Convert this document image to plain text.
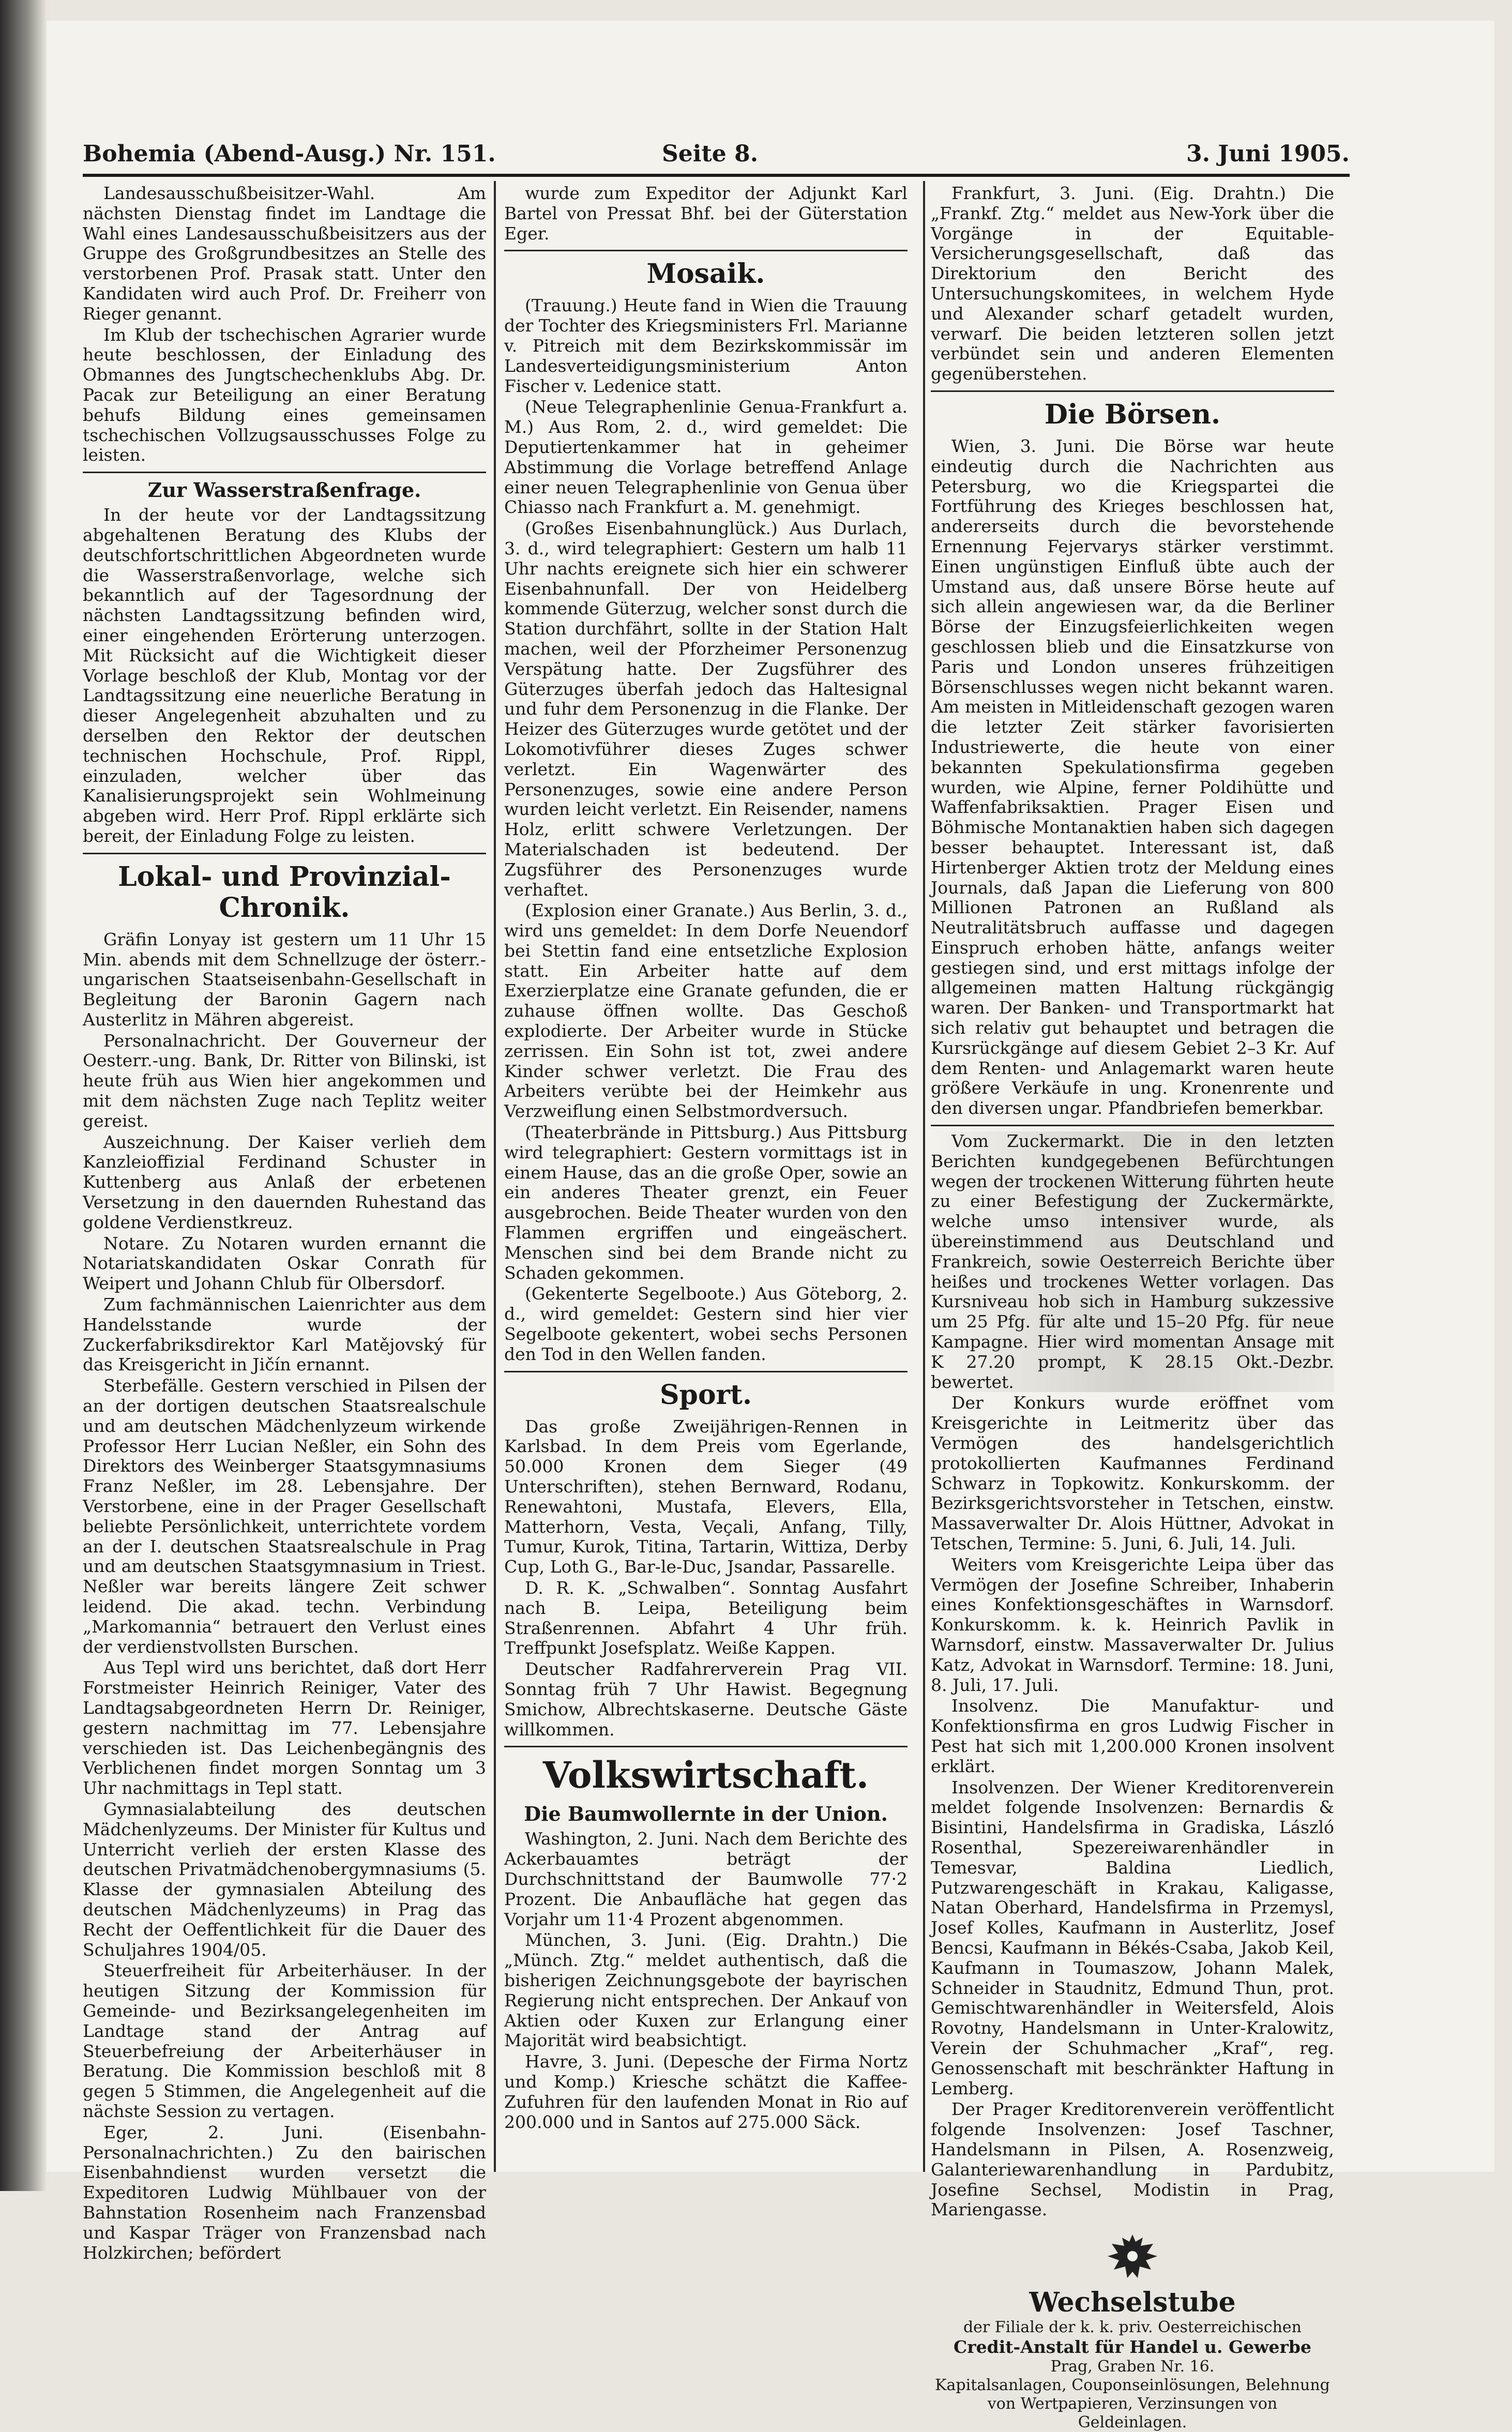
Bohemia (Abend-Ausg.) Nr. 151.	Seite 8.	3. Juni 1905.

Landesausschußbeisitzer-Wahl. Am nächsten Dienstag findet im Landtage die Wahl eines Landesausschußbeisitzers aus der Gruppe des Großgrundbesitzes an Stelle des verstorbenen Prof. Prasak statt. Unter den Kandidaten wird auch Prof. Dr. Freiherr von Rieger genannt.

Im Klub der tschechischen Agrarier wurde heute beschlossen, der Einladung des Obmannes des Jungtschechenklubs Abg. Dr. Pacak zur Beteiligung an einer Beratung behufs Bildung eines gemeinsamen tschechischen Vollzugsausschusses Folge zu leisten.

Zur Wasserstraßenfrage.

In der heute vor der Landtagssitzung abgehaltenen Beratung des Klubs der deutschfortschrittlichen Abgeordneten wurde die Wasserstraßenvorlage, welche sich bekanntlich auf der Tagesordnung der nächsten Landtagssitzung befinden wird, einer eingehenden Erörterung unterzogen. Mit Rücksicht auf die Wichtigkeit dieser Vorlage beschloß der Klub, Montag vor der Landtagssitzung eine neuerliche Beratung in dieser Angelegenheit abzuhalten und zu derselben den Rektor der deutschen technischen Hochschule, Prof. Rippl, einzuladen, welcher über das Kanalisierungsprojekt sein Wohlmeinung abgeben wird. Herr Prof. Rippl erklärte sich bereit, der Einladung Folge zu leisten.

Lokal- und Provinzial-Chronik.

Gräfin Lonyay ist gestern um 11 Uhr 15 Min. abends mit dem Schnellzuge der österr.-ungarischen Staatseisenbahn-Gesellschaft in Begleitung der Baronin Gagern nach Austerlitz in Mähren abgereist.

Personalnachricht. Der Gouverneur der Oesterr.-ung. Bank, Dr. Ritter von Bilinski, ist heute früh aus Wien hier angekommen und mit dem nächsten Zuge nach Teplitz weiter gereist.

Auszeichnung. Der Kaiser verlieh dem Kanzleioffizial Ferdinand Schuster in Kuttenberg aus Anlaß der erbetenen Versetzung in den dauernden Ruhestand das goldene Verdienstkreuz.

Notare. Zu Notaren wurden ernannt die Notariatskandidaten Oskar Conrath für Weipert und Johann Chlub für Olbersdorf.

Zum fachmännischen Laienrichter aus dem Handelsstande wurde der Zuckerfabriksdirektor Karl Matějovský für das Kreisgericht in Jičín ernannt.

Sterbefälle. Gestern verschied in Pilsen der an der dortigen deutschen Staatsrealschule und am deutschen Mädchenlyzeum wirkende Professor Herr Lucian Neßler, ein Sohn des Direktors des Weinberger Staatsgymnasiums Franz Neßler, im 28. Lebensjahre. Der Verstorbene, eine in der Prager Gesellschaft beliebte Persönlichkeit, unterrichtete vordem an der I. deutschen Staatsrealschule in Prag und am deutschen Staatsgymnasium in Triest. Neßler war bereits längere Zeit schwer leidend. Die akad. techn. Verbindung „Markomannia“ betrauert den Verlust eines der verdienstvollsten Burschen.

Aus Tepl wird uns berichtet, daß dort Herr Forstmeister Heinrich Reiniger, Vater des Landtagsabgeordneten Herrn Dr. Reiniger, gestern nachmittag im 77. Lebensjahre verschieden ist. Das Leichenbegängnis des Verblichenen findet morgen Sonntag um 3 Uhr nachmittags in Tepl statt.

Gymnasialabteilung des deutschen Mädchenlyzeums. Der Minister für Kultus und Unterricht verlieh der ersten Klasse des deutschen Privatmädchenobergymnasiums (5. Klasse der gymnasialen Abteilung des deutschen Mädchenlyzeums) in Prag das Recht der Oeffentlichkeit für die Dauer des Schuljahres 1904/05.

Steuerfreiheit für Arbeiterhäuser. In der heutigen Sitzung der Kommission für Gemeinde- und Bezirksangelegenheiten im Landtage stand der Antrag auf Steuerbefreiung der Arbeiterhäuser in Beratung. Die Kommission beschloß mit 8 gegen 5 Stimmen, die Angelegenheit auf die nächste Session zu vertagen.

Eger, 2. Juni. (Eisenbahn-Personalnachrichten.) Zu den bairischen Eisenbahndienst wurden versetzt die Expeditoren Ludwig Mühlbauer von der Bahnstation Rosenheim nach Franzensbad und Kaspar Träger von Franzensbad nach Holzkirchen; befördert

wurde zum Expeditor der Adjunkt Karl Bartel von Pressat Bhf. bei der Güterstation Eger.

Mosaik.

(Trauung.) Heute fand in Wien die Trauung der Tochter des Kriegsministers Frl. Marianne v. Pitreich mit dem Bezirkskommissär im Landesverteidigungsministerium Anton Fischer v. Ledenice statt.

(Neue Telegraphenlinie Genua-Frankfurt a. M.) Aus Rom, 2. d., wird gemeldet: Die Deputiertenkammer hat in geheimer Abstimmung die Vorlage betreffend Anlage einer neuen Telegraphenlinie von Genua über Chiasso nach Frankfurt a. M. genehmigt.

(Großes Eisenbahnunglück.) Aus Durlach, 3. d., wird telegraphiert: Gestern um halb 11 Uhr nachts ereignete sich hier ein schwerer Eisenbahnunfall. Der von Heidelberg kommende Güterzug, welcher sonst durch die Station durchfährt, sollte in der Station Halt machen, weil der Pforzheimer Personenzug Verspätung hatte. Der Zugsführer des Güterzuges überfah jedoch das Haltesignal und fuhr dem Personenzug in die Flanke. Der Heizer des Güterzuges wurde getötet und der Lokomotivführer dieses Zuges schwer verletzt. Ein Wagenwärter des Personenzuges, sowie eine andere Person wurden leicht verletzt. Ein Reisender, namens Holz, erlitt schwere Verletzungen. Der Materialschaden ist bedeutend. Der Zugsführer des Personenzuges wurde verhaftet.

(Explosion einer Granate.) Aus Berlin, 3. d., wird uns gemeldet: In dem Dorfe Neuendorf bei Stettin fand eine entsetzliche Explosion statt. Ein Arbeiter hatte auf dem Exerzierplatze eine Granate gefunden, die er zuhause öffnen wollte. Das Geschoß explodierte. Der Arbeiter wurde in Stücke zerrissen. Ein Sohn ist tot, zwei andere Kinder schwer verletzt. Die Frau des Arbeiters verübte bei der Heimkehr aus Verzweiflung einen Selbstmordversuch.

(Theaterbrände in Pittsburg.) Aus Pittsburg wird telegraphiert: Gestern vormittags ist in einem Hause, das an die große Oper, sowie an ein anderes Theater grenzt, ein Feuer ausgebrochen. Beide Theater wurden von den Flammen ergriffen und eingeäschert. Menschen sind bei dem Brande nicht zu Schaden gekommen.

(Gekenterte Segelboote.) Aus Göteborg, 2. d., wird gemeldet: Gestern sind hier vier Segelboote gekentert, wobei sechs Personen den Tod in den Wellen fanden.

Sport.

Das große Zweijährigen-Rennen in Karlsbad. In dem Preis vom Egerlande, 50.000 Kronen dem Sieger (49 Unterschriften), stehen Bernward, Rodanu, Renewahtoni, Mustafa, Elevers, Ella, Matterhorn, Vesta, Veçali, Anfang, Tilly, Tumur, Kurok, Titina, Tartarin, Wittiza, Derby Cup, Loth G., Bar-le-Duc, Jsandar, Passarelle.

D. R. K. „Schwalben“. Sonntag Ausfahrt nach B. Leipa, Beteiligung beim Straßenrennen. Abfahrt 4 Uhr früh. Treffpunkt Josefsplatz. Weiße Kappen.

Deutscher Radfahrerverein Prag VII. Sonntag früh 7 Uhr Hawist. Begegnung Smichow, Albrechtskaserne. Deutsche Gäste willkommen.

Volkswirtschaft.
Die Baumwollernte in der Union.

Washington, 2. Juni. Nach dem Berichte des Ackerbauamtes beträgt der Durchschnittstand der Baumwolle 77·2 Prozent. Die Anbaufläche hat gegen das Vorjahr um 11·4 Prozent abgenommen.

München, 3. Juni. (Eig. Drahtn.) Die „Münch. Ztg.“ meldet authentisch, daß die bisherigen Zeichnungsgebote der bayrischen Regierung nicht entsprechen. Der Ankauf von Aktien oder Kuxen zur Erlangung einer Majorität wird beabsichtigt.

Havre, 3. Juni. (Depesche der Firma Nortz und Komp.) Kriesche schätzt die Kaffee-Zufuhren für den laufenden Monat in Rio auf 200.000 und in Santos auf 275.000 Säck.

Frankfurt, 3. Juni. (Eig. Drahtn.) Die „Frankf. Ztg.“ meldet aus New-York über die Vorgänge in der Equitable-Versicherungsgesellschaft, daß das Direktorium den Bericht des Untersuchungskomitees, in welchem Hyde und Alexander scharf getadelt wurden, verwarf. Die beiden letzteren sollen jetzt verbündet sein und anderen Elementen gegenüberstehen.

Die Börsen.

Wien, 3. Juni. Die Börse war heute eindeutig durch die Nachrichten aus Petersburg, wo die Kriegspartei die Fortführung des Krieges beschlossen hat, andererseits durch die bevorstehende Ernennung Fejervarys stärker verstimmt. Einen ungünstigen Einfluß übte auch der Umstand aus, daß unsere Börse heute auf sich allein angewiesen war, da die Berliner Börse der Einzugsfeierlichkeiten wegen geschlossen blieb und die Einsatzkurse von Paris und London unseres frühzeitigen Börsenschlusses wegen nicht bekannt waren. Am meisten in Mitleidenschaft gezogen waren die letzter Zeit stärker favorisierten Industriewerte, die heute von einer bekannten Spekulationsfirma gegeben wurden, wie Alpine, ferner Poldihütte und Waffenfabriksaktien. Prager Eisen und Böhmische Montanaktien haben sich dagegen besser behauptet. Interessant ist, daß Hirtenberger Aktien trotz der Meldung eines Journals, daß Japan die Lieferung von 800 Millionen Patronen an Rußland als Neutralitätsbruch auffasse und dagegen Einspruch erhoben hätte, anfangs weiter gestiegen sind, und erst mittags infolge der allgemeinen matten Haltung rückgängig waren. Der Banken- und Transportmarkt hat sich relativ gut behauptet und betragen die Kursrückgänge auf diesem Gebiet 2–3 Kr. Auf dem Renten- und Anlagemarkt waren heute größere Verkäufe in ung. Kronenrente und den diversen ungar. Pfandbriefen bemerkbar.

Vom Zuckermarkt. Die in den letzten Berichten kundgegebenen Befürchtungen wegen der trockenen Witterung führten heute zu einer Befestigung der Zuckermärkte, welche umso intensiver wurde, als übereinstimmend aus Deutschland und Frankreich, sowie Oesterreich Berichte über heißes und trockenes Wetter vorlagen. Das Kursniveau hob sich in Hamburg sukzessive um 25 Pfg. für alte und 15–20 Pfg. für neue Kampagne. Hier wird momentan Ansage mit K 27.20 prompt, K 28.15 Okt.-Dezbr. bewertet.

Der Konkurs wurde eröffnet vom Kreisgerichte in Leitmeritz über das Vermögen des handelsgerichtlich protokollierten Kaufmannes Ferdinand Schwarz in Topkowitz. Konkurskomm. der Bezirksgerichtsvorsteher in Tetschen, einstw. Massaverwalter Dr. Alois Hüttner, Advokat in Tetschen, Termine: 5. Juni, 6. Juli, 14. Juli.

Weiters vom Kreisgerichte Leipa über das Vermögen der Josefine Schreiber, Inhaberin eines Konfektionsgeschäftes in Warnsdorf. Konkurskomm. k. k. Heinrich Pavlik in Warnsdorf, einstw. Massaverwalter Dr. Julius Katz, Advokat in Warnsdorf. Termine: 18. Juni, 8. Juli, 17. Juli.

Insolvenz. Die Manufaktur- und Konfektionsfirma en gros Ludwig Fischer in Pest hat sich mit 1,200.000 Kronen insolvent erklärt.

Insolvenzen. Der Wiener Kreditorenverein meldet folgende Insolvenzen: Bernardis & Bisintini, Handelsfirma in Gradiska, László Rosenthal, Spezereiwarenhändler in Temesvar, Baldina Liedlich, Putzwarengeschäft in Krakau, Kaligasse, Natan Oberhard, Handelsfirma in Przemysl, Josef Kolles, Kaufmann in Austerlitz, Josef Bencsi, Kaufmann in Békés-Csaba, Jakob Keil, Kaufmann in Toumaszow, Johann Malek, Schneider in Staudnitz, Edmund Thun, prot. Gemischtwarenhändler in Weitersfeld, Alois Rovotny, Handelsmann in Unter-Kralowitz, Verein der Schuhmacher „Kraf“, reg. Genossenschaft mit beschränkter Haftung in Lemberg.

Der Prager Kreditorenverein veröffentlicht folgende Insolvenzen: Josef Taschner, Handelsmann in Pilsen, A. Rosenzweig, Galanteriewarenhandlung in Pardubitz, Josefine Sechsel, Modistin in Prag, Mariengasse.

Wechselstube
der Filiale der k. k. priv. Oesterreichischen
Credit-Anstalt für Handel u. Gewerbe
Prag, Graben Nr. 16.
Kapitalsanlagen, Couponseinlösungen, Belehnung von Wertpapieren, Verzinsungen von Geldeinlagen.
